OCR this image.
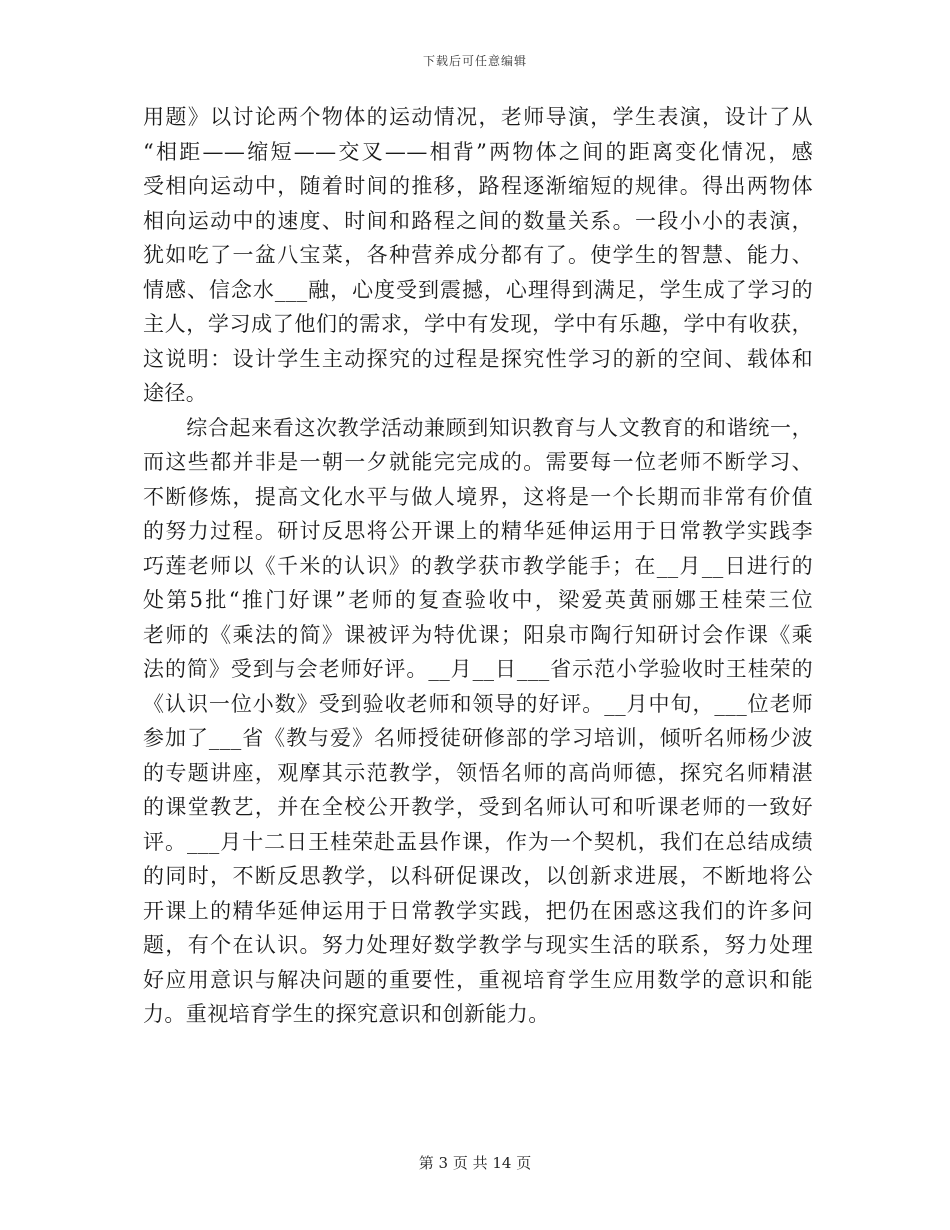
下载后可任意编辑
用题》以讨论两个物体的运动情况，老师导演，学生表演，设计了从
“相距——缩短——交叉——相背”两物体之间的距离变化情况，感
受相向运动中，随着时间的推移，路程逐渐缩短的规律。得出两物体
相向运动中的速度、时间和路程之间的数量关系。一段小小的表演，
犹如吃了一盆八宝菜，各种营养成分都有了。使学生的智慧、能力、
情感、信念水___融，心度受到震撼，心理得到满足，学生成了学习的
主人，学习成了他们的需求，学中有发现，学中有乐趣，学中有收获，
这说明：设计学生主动探究的过程是探究性学习的新的空间、载体和
途径。
　　综合起来看这次教学活动兼顾到知识教育与人文教育的和谐统一，
而这些都并非是一朝一夕就能完完成的。需要每一位老师不断学习、
不断修炼，提高文化水平与做人境界，这将是一个长期而非常有价值
的努力过程。研讨反思将公开课上的精华延伸运用于日常教学实践李
巧莲老师以《千米的认识》的教学获市教学能手；在__月__日进行的
处第5批“推门好课”老师的复查验收中，梁爱英黄丽娜王桂荣三位
老师的《乘法的简》课被评为特优课；阳泉市陶行知研讨会作课《乘
法的简》受到与会老师好评。__月__日___省示范小学验收时王桂荣的
《认识一位小数》受到验收老师和领导的好评。__月中旬，___位老师
参加了___省《教与爱》名师授徒研修部的学习培训，倾听名师杨少波
的专题讲座，观摩其示范教学，领悟名师的高尚师德，探究名师精湛
的课堂教艺，并在全校公开教学，受到名师认可和听课老师的一致好
评。___月十二日王桂荣赴盂县作课，作为一个契机，我们在总结成绩
的同时，不断反思教学，以科研促课改，以创新求进展，不断地将公
开课上的精华延伸运用于日常教学实践，把仍在困惑这我们的许多问
题，有个在认识。努力处理好数学教学与现实生活的联系，努力处理
好应用意识与解决问题的重要性，重视培育学生应用数学的意识和能
力。重视培育学生的探究意识和创新能力。
第 3 页 共 14 页
